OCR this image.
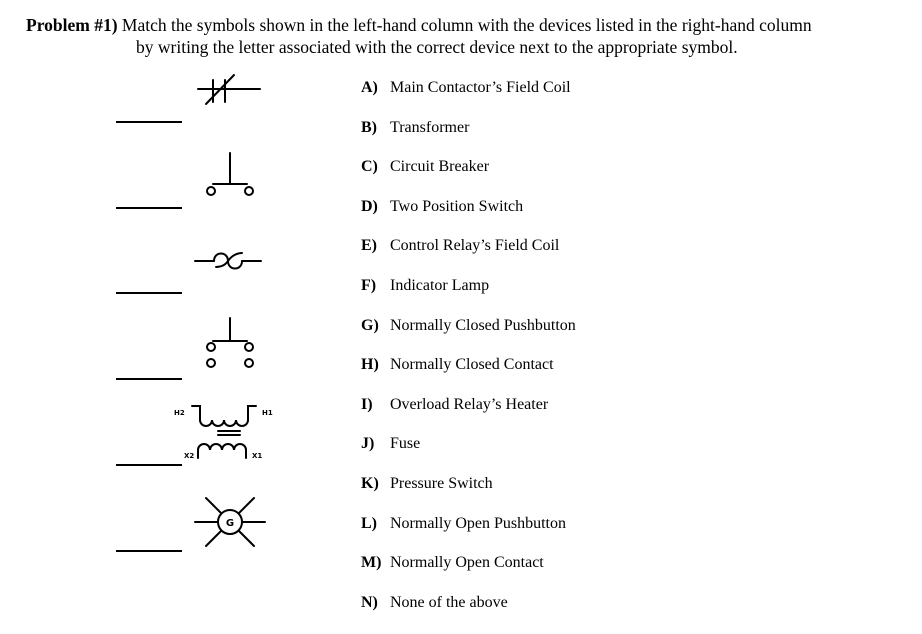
Problem #1) Match the symbols shown in the left-hand column with the devices listed in the right-hand column
by writing the letter associated with the correct device next to the appropriate symbol.
H2	H1
X2	X1
G
A) Main Contactor’s Field Coil
B) Transformer
C) Circuit Breaker
D) Two Position Switch
E) Control Relay’s Field Coil
F) Indicator Lamp
G) Normally Closed Pushbutton
H) Normally Closed Contact
I) Overload Relay’s Heater
J) Fuse
K) Pressure Switch
L) Normally Open Pushbutton
M) Normally Open Contact
N) None of the above
